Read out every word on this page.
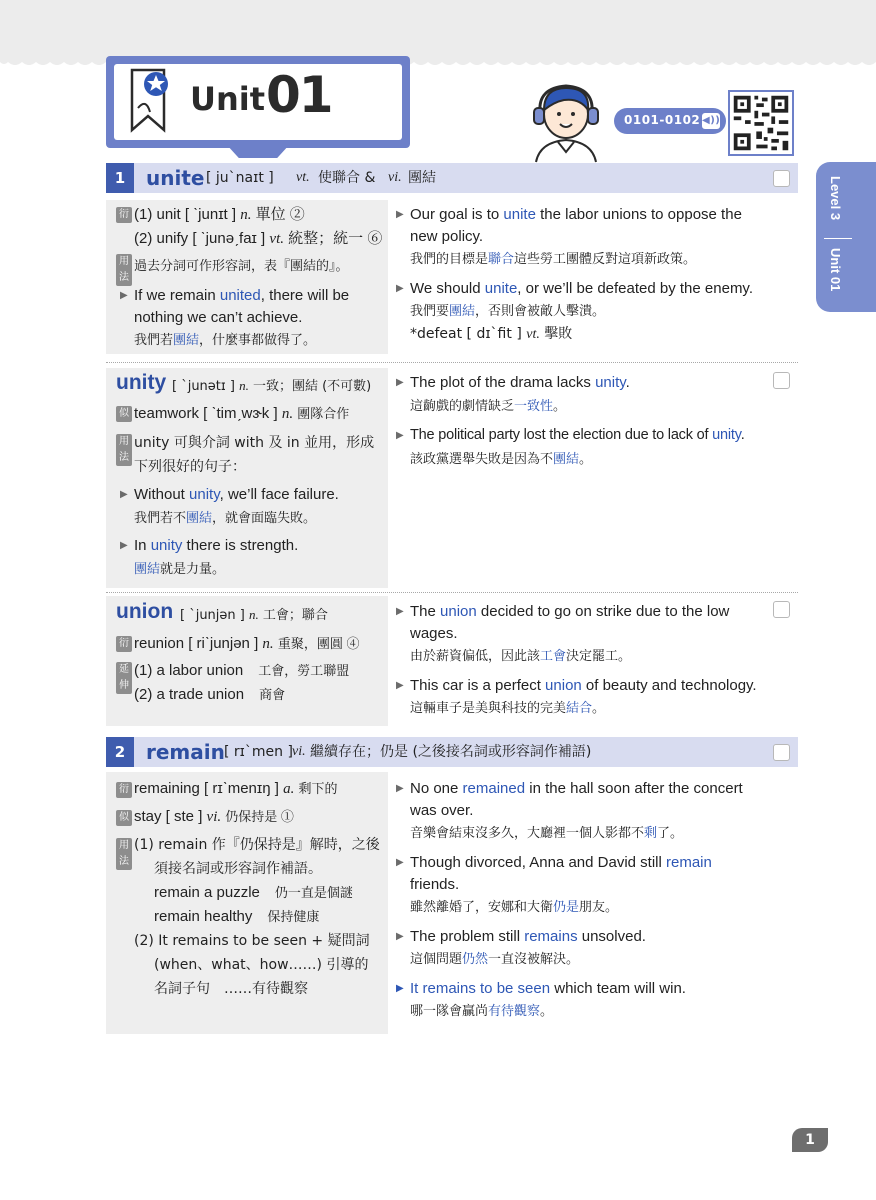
Unit 01	0101-0102 ◀))
Level 3
Unit 01
1	unite [ juˋnaɪt ] vt. 使聯合 & vi. 團結
衍 (1) unit [ ˋjunɪt ] n. 單位 ②
(2) unify [ ˋjunəˏfaɪ ] vt. 統整；統一 ⑥
用法
過去分詞可作形容詞，表『團結的』。
▶ If we remain united, there will be
nothing we can’t achieve.
我們若團結，什麼事都做得了。
▶ Our goal is to unite the labor unions to oppose the
new policy.
我們的目標是聯合這些勞工團體反對這項新政策。
▶ We should unite, or we’ll be defeated by the enemy.
我們要團結，否則會被敵人擊潰。
*defeat [ dɪˋfit ] vt. 擊敗
unity [ ˋjunətɪ ] n. 一致；團結 (不可數)
似 teamwork [ ˋtimˏwɝk ] n. 團隊合作
用法
unity 可與介詞 with 及 in 並用，形成
下列很好的句子：
▶ Without unity, we’ll face failure.
我們若不團結，就會面臨失敗。
▶ In unity there is strength.
團結就是力量。
▶ The plot of the drama lacks unity.
這齣戲的劇情缺乏一致性。
▶ The political party lost the election due to lack of unity.
該政黨選舉失敗是因為不團結。
union [ ˋjunjən ] n. 工會；聯合
衍 reunion [ riˋjunjən ] n. 重聚，團圓 ④
延伸
(1) a labor union　 工會，勞工聯盟
(2) a trade union　 商會
▶ The union decided to go on strike due to the low
wages.
由於薪資偏低，因此該工會決定罷工。
▶ This car is a perfect union of beauty and technology.
這輛車子是美與科技的完美結合。
2	remain [ rɪˋmen ] vi. 繼續存在；仍是 (之後接名詞或形容詞作補語)
衍 remaining [ rɪˋmenɪŋ ] a. 剩下的
似 stay [ ste ] vi. 仍保持是 ①
用法
(1) remain 作『仍保持是』解時，之後
須接名詞或形容詞作補語。
remain a puzzle　 仍一直是個謎
remain healthy　 保持健康
(2) It remains to be seen + 疑問詞
(when、what、how……) 引導的
名詞子句　……有待觀察
▶ No one remained in the hall soon after the concert
was over.
音樂會結束沒多久，大廳裡一個人影都不剩了。
▶ Though divorced, Anna and David still remain
friends.
雖然離婚了，安娜和大衛仍是朋友。
▶ The problem still remains unsolved.
這個問題仍然一直沒被解決。
▶ It remains to be seen which team will win.
哪一隊會贏尚有待觀察。
1
